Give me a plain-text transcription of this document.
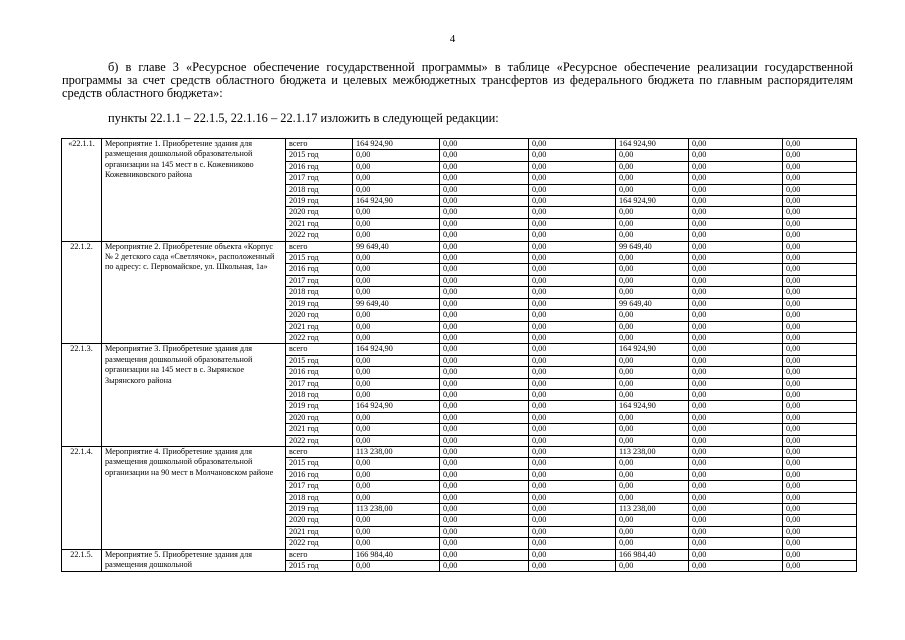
4
б) в главе 3 «Ресурсное обеспечение государственной программы» в таблице «Ресурсное обеспечение реализации государственной программы за счет средств областного бюджета и целевых межбюджетных трансфертов из федерального бюджета по главным распорядителям средств областного бюджета»:
пункты 22.1.1 – 22.1.5, 22.1.16 – 22.1.17 изложить в следующей редакции:
«22.1.1.	Мероприятие 1. Приобретение здания для размещения дошкольной образовательной организации на 145 мест в с. Кожевниково Кожевниковского района	всего	164 924,90	0,00	0,00	164 924,90	0,00	0,00
		2015 год	0,00	0,00	0,00	0,00	0,00	0,00
		2016 год	0,00	0,00	0,00	0,00	0,00	0,00
		2017 год	0,00	0,00	0,00	0,00	0,00	0,00
		2018 год	0,00	0,00	0,00	0,00	0,00	0,00
		2019 год	164 924,90	0,00	0,00	164 924,90	0,00	0,00
		2020 год	0,00	0,00	0,00	0,00	0,00	0,00
		2021 год	0,00	0,00	0,00	0,00	0,00	0,00
		2022 год	0,00	0,00	0,00	0,00	0,00	0,00
22.1.2.	Мероприятие 2. Приобретение объекта «Корпус № 2 детского сада «Светлячок», расположенный по адресу: с. Первомайское, ул. Школьная, 1а»	всего	99 649,40	0,00	0,00	99 649,40	0,00	0,00
		2015 год	0,00	0,00	0,00	0,00	0,00	0,00
		2016 год	0,00	0,00	0,00	0,00	0,00	0,00
		2017 год	0,00	0,00	0,00	0,00	0,00	0,00
		2018 год	0,00	0,00	0,00	0,00	0,00	0,00
		2019 год	99 649,40	0,00	0,00	99 649,40	0,00	0,00
		2020 год	0,00	0,00	0,00	0,00	0,00	0,00
		2021 год	0,00	0,00	0,00	0,00	0,00	0,00
		2022 год	0,00	0,00	0,00	0,00	0,00	0,00
22.1.3.	Мероприятие 3. Приобретение здания для размещения дошкольной образовательной организации на 145 мест в с. Зырянское Зырянского района	всего	164 924,90	0,00	0,00	164 924,90	0,00	0,00
		2015 год	0,00	0,00	0,00	0,00	0,00	0,00
		2016 год	0,00	0,00	0,00	0,00	0,00	0,00
		2017 год	0,00	0,00	0,00	0,00	0,00	0,00
		2018 год	0,00	0,00	0,00	0,00	0,00	0,00
		2019 год	164 924,90	0,00	0,00	164 924,90	0,00	0,00
		2020 год	0,00	0,00	0,00	0,00	0,00	0,00
		2021 год	0,00	0,00	0,00	0,00	0,00	0,00
		2022 год	0,00	0,00	0,00	0,00	0,00	0,00
22.1.4.	Мероприятие 4. Приобретение здания для размещения дошкольной образовательной организации на 90 мест в Молчановском районе	всего	113 238,00	0,00	0,00	113 238,00	0,00	0,00
		2015 год	0,00	0,00	0,00	0,00	0,00	0,00
		2016 год	0,00	0,00	0,00	0,00	0,00	0,00
		2017 год	0,00	0,00	0,00	0,00	0,00	0,00
		2018 год	0,00	0,00	0,00	0,00	0,00	0,00
		2019 год	113 238,00	0,00	0,00	113 238,00	0,00	0,00
		2020 год	0,00	0,00	0,00	0,00	0,00	0,00
		2021 год	0,00	0,00	0,00	0,00	0,00	0,00
		2022 год	0,00	0,00	0,00	0,00	0,00	0,00
22.1.5.	Мероприятие 5. Приобретение здания для размещения дошкольной	всего	166 984,40	0,00	0,00	166 984,40	0,00	0,00
		2015 год	0,00	0,00	0,00	0,00	0,00	0,00
